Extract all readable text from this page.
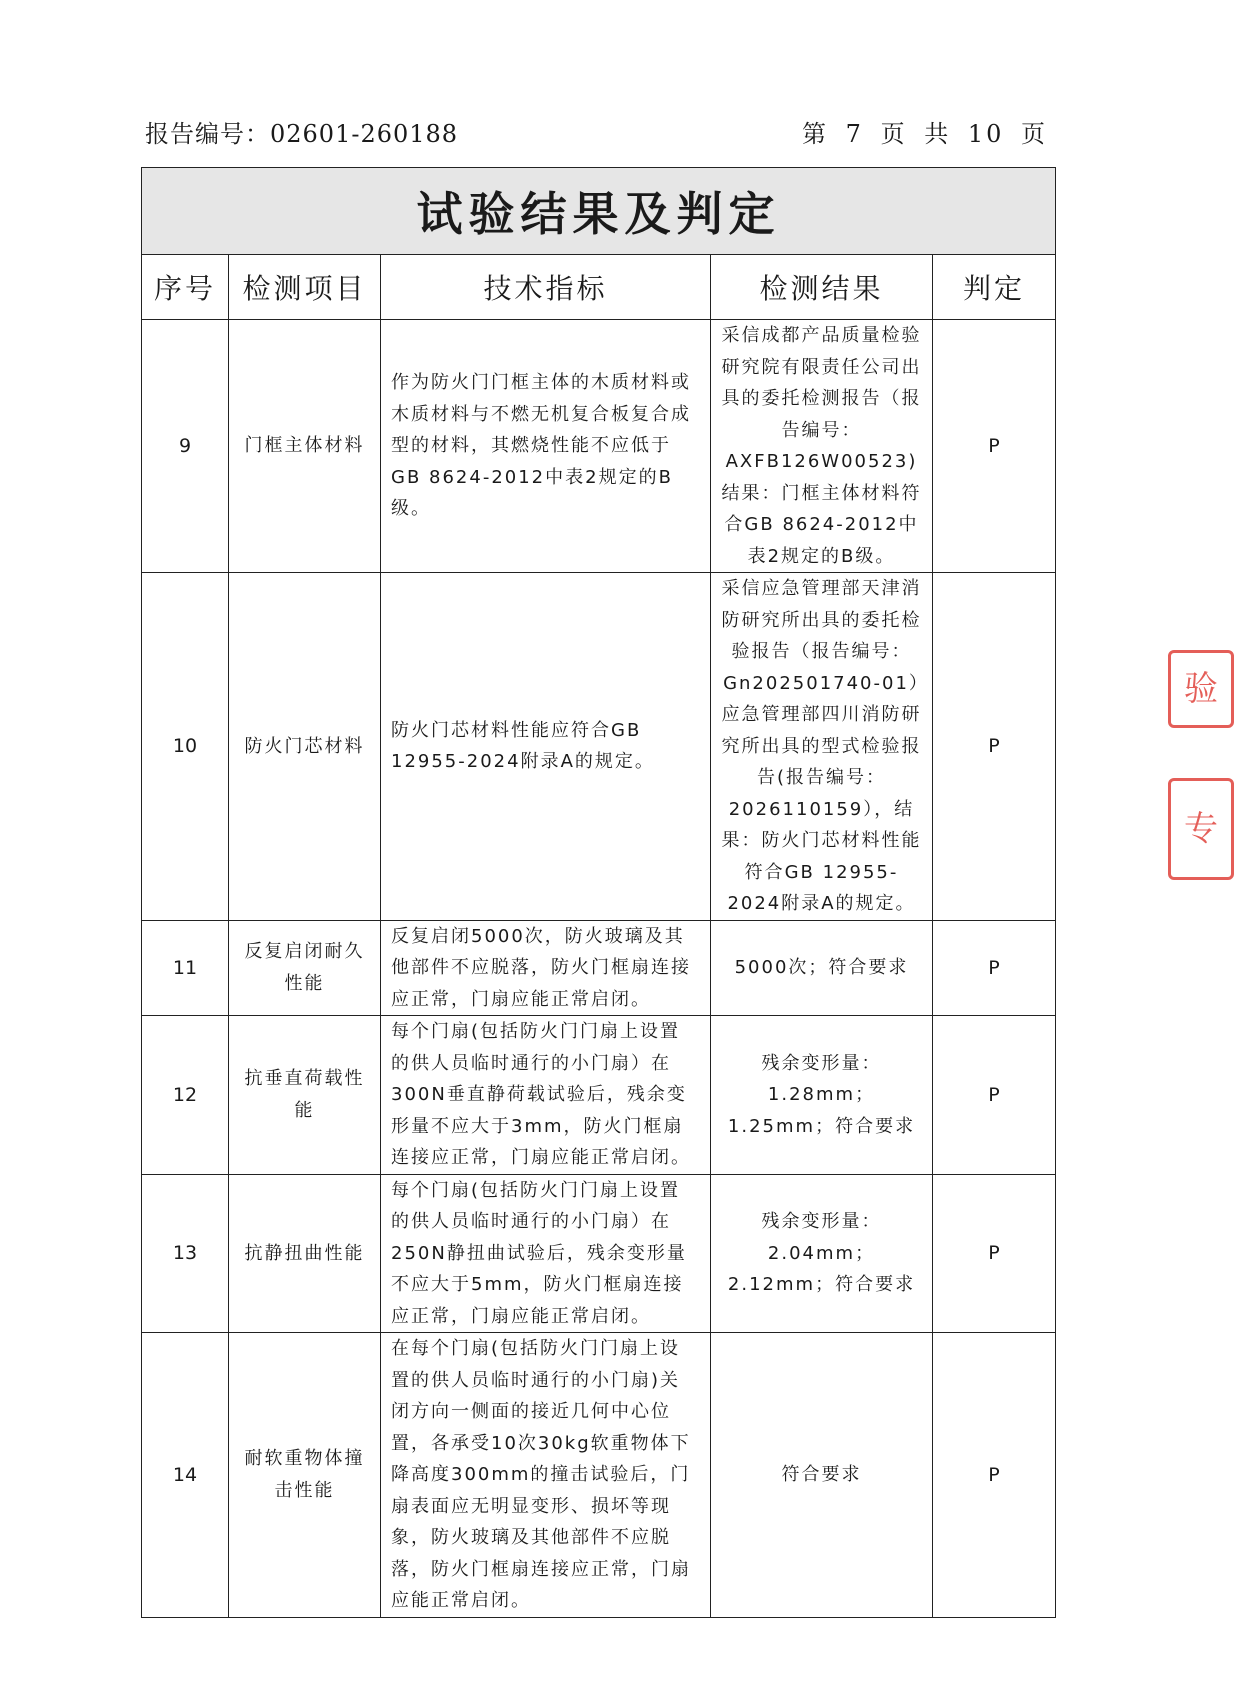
报告编号：02601-260188	第 7 页 共 10 页
试验结果及判定				
序号	检测项目	技术指标	检测结果	判定
9	门框主体材料	作为防火门门框主体的木质材料或木质材料与不燃无机复合板复合成型的材料，其燃烧性能不应低于GB 8624-2012中表2规定的B级。	采信成都产品质量检验研究院有限责任公司出具的委托检测报告（报告编号：AXFB126W00523)结果：门框主体材料符合GB 8624-2012中表2规定的B级。	P
10	防火门芯材料	防火门芯材料性能应符合GB 12955-2024附录A的规定。	采信应急管理部天津消防研究所出具的委托检验报告（报告编号：Gn202501740-01）应急管理部四川消防研究所出具的型式检验报告(报告编号：2026110159），结果：防火门芯材料性能符合GB 12955-2024附录A的规定。	P
11	反复启闭耐久性能	反复启闭5000次，防火玻璃及其他部件不应脱落，防火门框扇连接应正常，门扇应能正常启闭。	5000次；符合要求	P
12	抗垂直荷载性能	每个门扇(包括防火门门扇上设置的供人员临时通行的小门扇）在300N垂直静荷载试验后，残余变形量不应大于3mm，防火门框扇连接应正常，门扇应能正常启闭。	残余变形量：1.28mm；1.25mm；符合要求	P
13	抗静扭曲性能	每个门扇(包括防火门门扇上设置的供人员临时通行的小门扇）在250N静扭曲试验后，残余变形量不应大于5mm，防火门框扇连接应正常，门扇应能正常启闭。	残余变形量：2.04mm；2.12mm；符合要求	P
14	耐软重物体撞击性能	在每个门扇(包括防火门门扇上设置的供人员临时通行的小门扇)关闭方向一侧面的接近几何中心位置，各承受10次30kg软重物体下降高度300mm的撞击试验后，门扇表面应无明显变形、损坏等现象，防火玻璃及其他部件不应脱落，防火门框扇连接应正常，门扇应能正常启闭。	符合要求	P
验
专
